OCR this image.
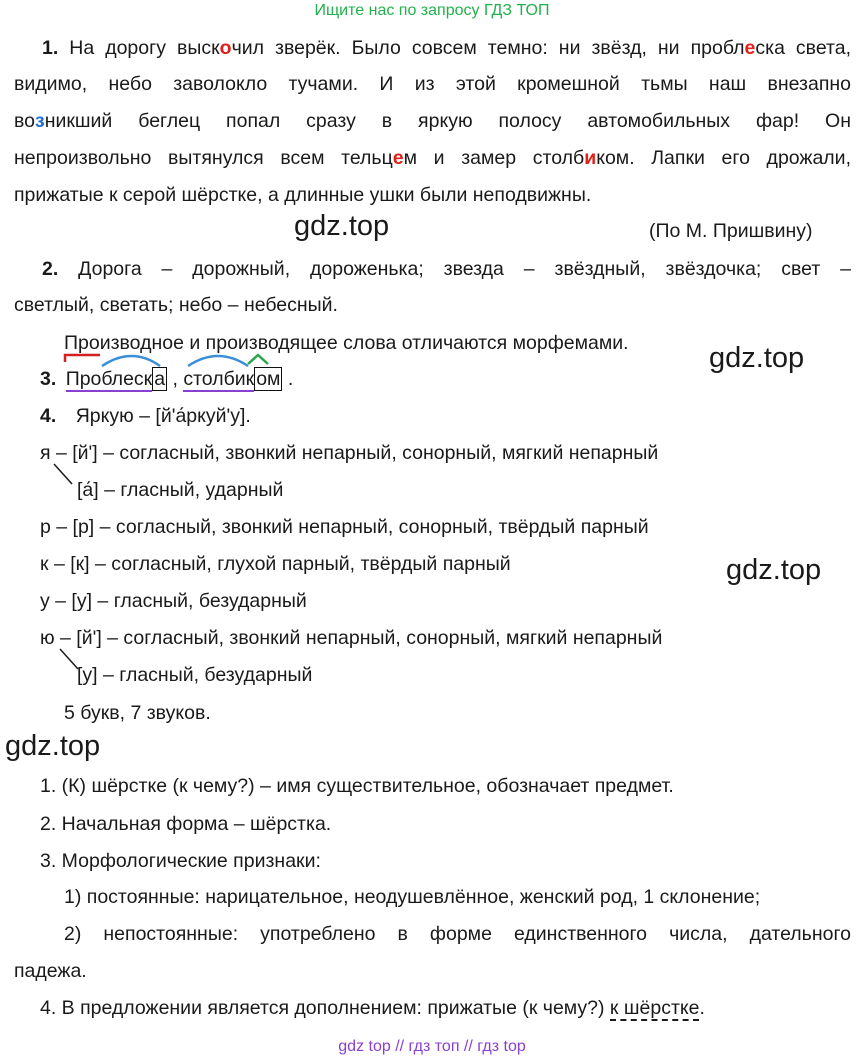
Ищите нас по запросу ГДЗ ТОП
1. На дорогу выскочил зверёк. Было совсем темно: ни звёзд, ни проблеска света,
видимо, небо заволокло тучами. И из этой кромешной тьмы наш внезапно
возникший беглец попал сразу в яркую полосу автомобильных фар! Он
непроизвольно вытянулся всем тельцем и замер столбиком. Лапки его дрожали,
прижатые к серой шёрстке, а длинные ушки были неподвижны.
gdz.top	(По М. Пришвину)
2. Дорога – дорожный, дороженька; звезда – звёздный, звёздочка; свет –
светлый, светать; небо – небесный.
Производное и производящее слова отличаются морфемами.	gdz.top
3. Проблеск а , столбик ом .
4. Яркую – [й'а́ркуй'у].
я – [й'] – согласный, звонкий непарный, сонорный, мягкий непарный
[а́] – гласный, ударный
р – [р] – согласный, звонкий непарный, сонорный, твёрдый парный
к – [к] – согласный, глухой парный, твёрдый парный	gdz.top
у – [у] – гласный, безударный
ю – [й'] – согласный, звонкий непарный, сонорный, мягкий непарный
[у] – гласный, безударный
5 букв, 7 звуков.
gdz.top
1. (К) шёрстке (к чему?) – имя существительное, обозначает предмет.
2. Начальная форма – шёрстка.
3. Морфологические признаки:
1) постоянные: нарицательное, неодушевлённое, женский род, 1 склонение;
2) непостоянные: употреблено в форме единственного числа, дательного
падежа.
4. В предложении является дополнением: прижатые (к чему?) к шёрстке.
gdz top // гдз топ // гдз top
